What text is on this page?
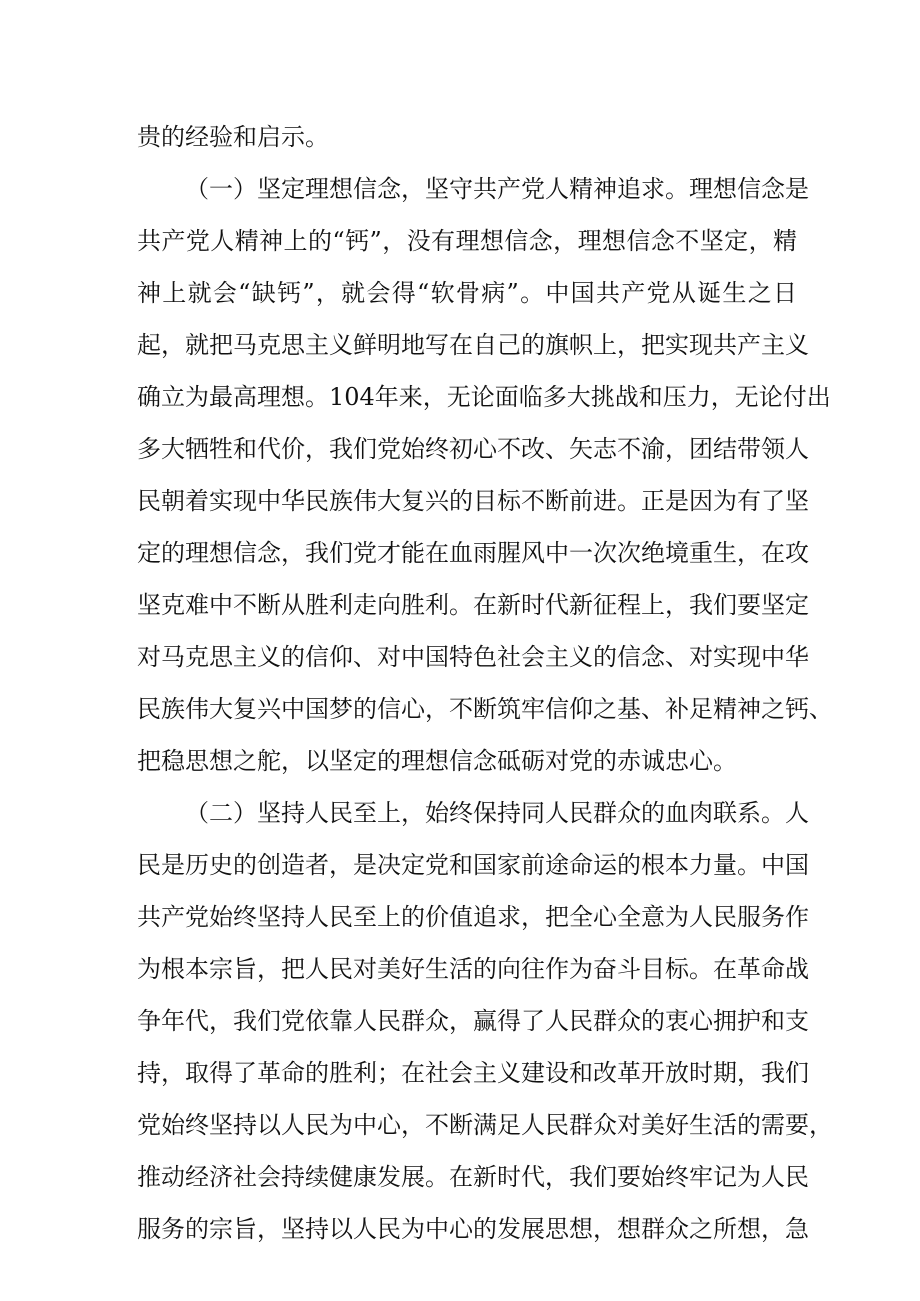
贵的经验和启示。
（一）坚定理想信念，坚守共产党人精神追求。理想信念是
共产党人精神上的“钙”，没有理想信念，理想信念不坚定，精
神上就会“缺钙”，就会得“软骨病”。中国共产党从诞生之日
起，就把马克思主义鲜明地写在自己的旗帜上，把实现共产主义
确立为最高理想。104年来，无论面临多大挑战和压力，无论付出
多大牺牲和代价，我们党始终初心不改、矢志不渝，团结带领人
民朝着实现中华民族伟大复兴的目标不断前进。正是因为有了坚
定的理想信念，我们党才能在血雨腥风中一次次绝境重生，在攻
坚克难中不断从胜利走向胜利。在新时代新征程上，我们要坚定
对马克思主义的信仰、对中国特色社会主义的信念、对实现中华
民族伟大复兴中国梦的信心，不断筑牢信仰之基、补足精神之钙、
把稳思想之舵，以坚定的理想信念砥砺对党的赤诚忠心。
（二）坚持人民至上，始终保持同人民群众的血肉联系。人
民是历史的创造者，是决定党和国家前途命运的根本力量。中国
共产党始终坚持人民至上的价值追求，把全心全意为人民服务作
为根本宗旨，把人民对美好生活的向往作为奋斗目标。在革命战
争年代，我们党依靠人民群众，赢得了人民群众的衷心拥护和支
持，取得了革命的胜利；在社会主义建设和改革开放时期，我们
党始终坚持以人民为中心，不断满足人民群众对美好生活的需要，
推动经济社会持续健康发展。在新时代，我们要始终牢记为人民
服务的宗旨，坚持以人民为中心的发展思想，想群众之所想，急
